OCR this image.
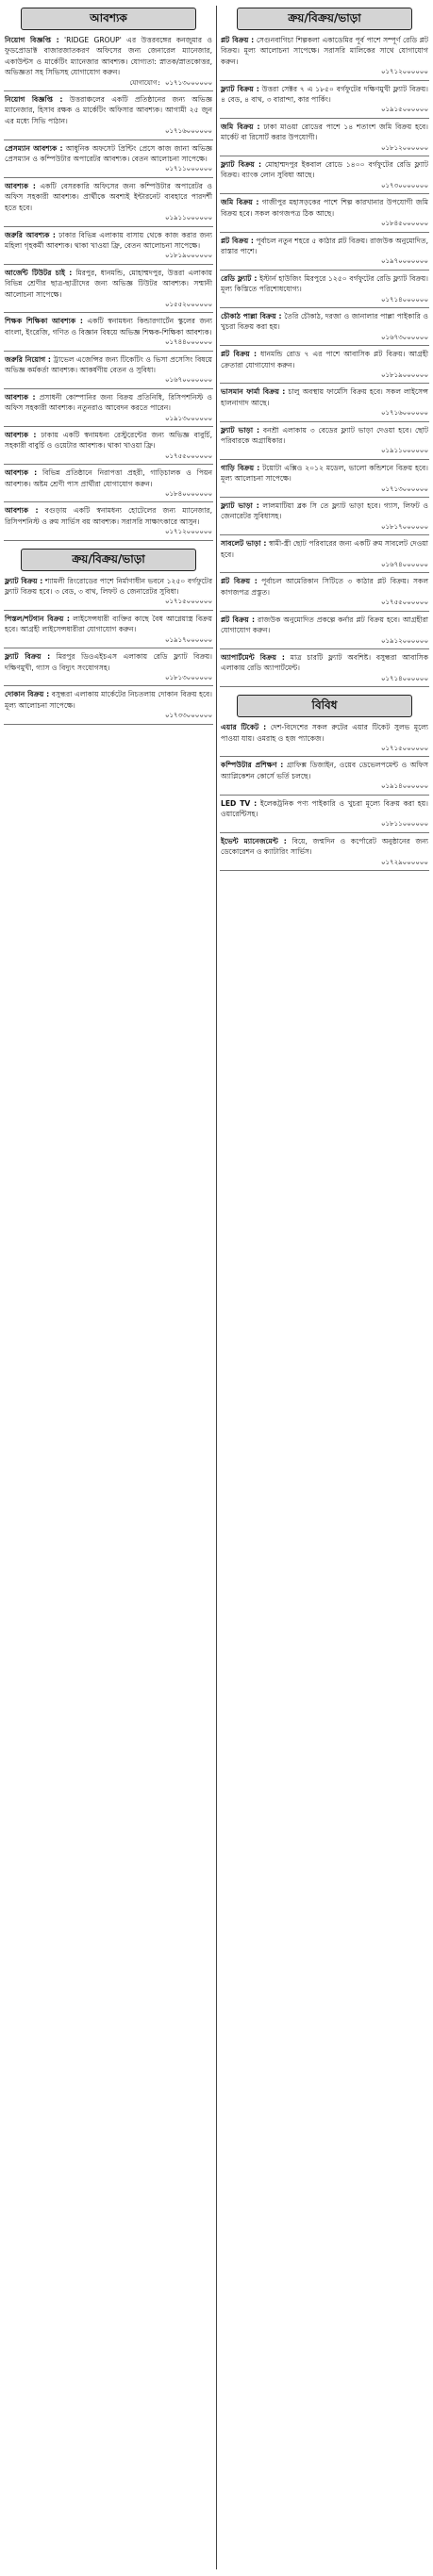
আবশ্যক
নিয়োগ বিজ্ঞপ্তি : 'RIDGE GROUP' এর উত্তরবঙ্গের কনজুমার ও ফুডপ্রোডাক্ট বাজারজাতকরণ অফিসের জন্য জেনারেল ম্যানেজার, একাউন্টস ও মার্কেটিং ম্যানেজার আবশ্যক। যোগ্যতা: স্নাতক/স্নাতকোত্তর, অভিজ্ঞতা সহ সিভিসহ যোগাযোগ করুন।
যোগাযোগ: ০১৭১৩০০০০০০
নিয়োগ বিজ্ঞপ্তি : উত্তরাঞ্চলের একটি প্রতিষ্ঠানের জন্য অভিজ্ঞ ম্যানেজার, হিসাব রক্ষক ও মার্কেটিং অফিসার আবশ্যক। আগামী ২৫ জুন এর মধ্যে সিভি পাঠান।
০১৭১৬০০০০০০
প্রেসম্যান আবশ্যক : আধুনিক অফসেট প্রিন্টিং প্রেসে কাজ জানা অভিজ্ঞ প্রেসম্যান ও কম্পিউটার অপারেটর আবশ্যক। বেতন আলোচনা সাপেক্ষে।
০১৭১১০০০০০০
আবশ্যক : একটি বেসরকারি অফিসের জন্য কম্পিউটার অপারেটর ও অফিস সহকারী আবশ্যক। প্রার্থীকে অবশ্যই ইন্টারনেট ব্যবহারে পারদর্শী হতে হবে।
০১৯১১০০০০০০
জরুরি আবশ্যক : ঢাকার বিভিন্ন এলাকায় বাসায় থেকে কাজ করার জন্য মহিলা গৃহকর্মী আবশ্যক। থাকা খাওয়া ফ্রি, বেতন আলোচনা সাপেক্ষে।
০১৮১৯০০০০০০
আর্জেন্ট টিউটর চাই : মিরপুর, ধানমন্ডি, মোহাম্মদপুর, উত্তরা এলাকায় বিভিন্ন শ্রেণীর ছাত্র-ছাত্রীদের জন্য অভিজ্ঞ টিউটর আবশ্যক। সম্মানী আলোচনা সাপেক্ষে।
০১৫৫২০০০০০০
শিক্ষক শিক্ষিকা আবশ্যক : একটি স্বনামধন্য কিন্ডারগার্টেন স্কুলের জন্য বাংলা, ইংরেজি, গণিত ও বিজ্ঞান বিষয়ে অভিজ্ঞ শিক্ষক-শিক্ষিকা আবশ্যক।
০১৭৪৪০০০০০০
জরুরি নিয়োগ : ট্রাভেল এজেন্সির জন্য টিকেটিং ও ভিসা প্রসেসিং বিষয়ে অভিজ্ঞ কর্মকর্তা আবশ্যক। আকর্ষণীয় বেতন ও সুবিধা।
০১৬৭০০০০০০০
আবশ্যক : প্রসাধনী কোম্পানির জন্য বিক্রয় প্রতিনিধি, রিসিপশনিস্ট ও অফিস সহকারী আবশ্যক। নতুনরাও আবেদন করতে পারেন।
০১৯১৩০০০০০০
আবশ্যক : ঢাকায় একটি স্বনামধন্য রেস্টুরেন্টের জন্য অভিজ্ঞ বাবুর্চি, সহকারী বাবুর্চি ও ওয়েটার আবশ্যক। থাকা খাওয়া ফ্রি।
০১৭৫৫০০০০০০
আবশ্যক : বিভিন্ন প্রতিষ্ঠানে নিরাপত্তা প্রহরী, গাড়িচালক ও পিয়ন আবশ্যক। অষ্টম শ্রেণী পাস প্রার্থীরা যোগাযোগ করুন।
০১৮৪০০০০০০০
আবশ্যক : বগুড়ায় একটি স্বনামধন্য হোটেলের জন্য ম্যানেজার, রিসিপশনিস্ট ও রুম সার্ভিস বয় আবশ্যক। সরাসরি সাক্ষাৎকারে আসুন।
০১৭১২০০০০০০
ক্রয়/বিক্রয়/ভাড়া
ফ্ল্যাট বিক্রয় : শ্যামলী রিংরোডের পাশে নির্মাণাধীন ভবনে ১২৫০ বর্গফুটের ফ্ল্যাট বিক্রয় হবে। ৩ বেড, ৩ বাথ, লিফট ও জেনারেটর সুবিধা।
০১৭১৫০০০০০০
পিস্তল/শটগান বিক্রয় : লাইসেন্সধারী ব্যক্তির কাছে বৈধ আগ্নেয়াস্ত্র বিক্রয় হবে। আগ্রহী লাইসেন্সধারীরা যোগাযোগ করুন।
০১৯১৭০০০০০০
ফ্ল্যাট বিক্রয় : মিরপুর ডিওএইচএস এলাকায় রেডি ফ্ল্যাট বিক্রয়। দক্ষিণমুখী, গ্যাস ও বিদ্যুৎ সংযোগসহ।
০১৮১৩০০০০০০
দোকান বিক্রয় : বসুন্ধরা এলাকায় মার্কেটের নিচতলায় দোকান বিক্রয় হবে। মূল্য আলোচনা সাপেক্ষে।
০১৭৩৩০০০০০০
ক্রয়/বিক্রয়/ভাড়া
প্লট বিক্রয় : সেগুনবাগিচা শিল্পকলা একাডেমির পূর্ব পাশে সম্পূর্ণ রেডি প্লট বিক্রয়। মূল্য আলোচনা সাপেক্ষে। সরাসরি মালিকের সাথে যোগাযোগ করুন।
০১৭১২০০০০০০
ফ্ল্যাট বিক্রয় : উত্তরা সেক্টর ৭ এ ১৮৫০ বর্গফুটের দক্ষিণমুখী ফ্ল্যাট বিক্রয়। ৪ বেড, ৪ বাথ, ৩ বারান্দা, কার পার্কিং।
০১৯১৫০০০০০০
জমি বিক্রয় : ঢাকা মাওয়া রোডের পাশে ১৪ শতাংশ জমি বিক্রয় হবে। মার্কেট বা রিসোর্ট করার উপযোগী।
০১৮১২০০০০০০
ফ্ল্যাট বিক্রয় : মোহাম্মদপুর ইকবাল রোডে ১৪০০ বর্গফুটের রেডি ফ্ল্যাট বিক্রয়। ব্যাংক লোন সুবিধা আছে।
০১৭৩০০০০০০০
জমি বিক্রয় : গাজীপুর মহাসড়কের পাশে শিল্প কারখানার উপযোগী জমি বিক্রয় হবে। সকল কাগজপত্র ঠিক আছে।
০১৮৪৫০০০০০০
প্লট বিক্রয় : পূর্বাচল নতুন শহরে ৫ কাঠার প্লট বিক্রয়। রাজউক অনুমোদিত, রাস্তার পাশে।
০১৯৭০০০০০০০
রেডি ফ্ল্যাট : ইস্টার্ন হাউজিং মিরপুরে ১২৫০ বর্গফুটের রেডি ফ্ল্যাট বিক্রয়। মূল্য কিস্তিতে পরিশোধযোগ্য।
০১৭১৪০০০০০০
চৌকাঠ পাল্লা বিক্রয় : তৈরি চৌকাঠ, দরজা ও জানালার পাল্লা পাইকারি ও খুচরা বিক্রয় করা হয়।
০১৬৭৩০০০০০০
প্লট বিক্রয় : ধানমন্ডি রোড ৭ এর পাশে আবাসিক প্লট বিক্রয়। আগ্রহী ক্রেতারা যোগাযোগ করুন।
০১৮১৯০০০০০০
ভাসমান ফার্মা বিক্রয় : চালু অবস্থায় ফার্মেসি বিক্রয় হবে। সকল লাইসেন্স হালনাগাদ আছে।
০১৭১৬০০০০০০
ফ্ল্যাট ভাড়া : বনশ্রী এলাকায় ৩ বেডের ফ্ল্যাট ভাড়া দেওয়া হবে। ছোট পরিবারকে অগ্রাধিকার।
০১৯১১০০০০০০
গাড়ি বিক্রয় : টয়োটা এক্সিও ২০১২ মডেল, ভালো কন্ডিশনে বিক্রয় হবে। মূল্য আলোচনা সাপেক্ষে।
০১৭১৩০০০০০০
ফ্ল্যাট ভাড়া : লালমাটিয়া ব্লক সি তে ফ্ল্যাট ভাড়া হবে। গ্যাস, লিফট ও জেনারেটর সুবিধাসহ।
০১৮১৭০০০০০০
সাবলেট ভাড়া : স্বামী-স্ত্রী ছোট পরিবারের জন্য একটি রুম সাবলেট দেওয়া হবে।
০১৬৭৪০০০০০০
প্লট বিক্রয় : পূর্বাচল আমেরিকান সিটিতে ৩ কাঠার প্লট বিক্রয়। সকল কাগজপত্র প্রস্তুত।
০১৭৫৫০০০০০০
প্লট বিক্রয় : রাজউক অনুমোদিত প্রকল্পে কর্নার প্লট বিক্রয় হবে। আগ্রহীরা যোগাযোগ করুন।
০১৯১২০০০০০০
অ্যাপার্টমেন্ট বিক্রয় : মাত্র চারটি ফ্ল্যাট অবশিষ্ট। বসুন্ধরা আবাসিক এলাকায় রেডি অ্যাপার্টমেন্ট।
০১৭১৪০০০০০০
বিবিধ
এয়ার টিকেট : দেশ-বিদেশের সকল রুটের এয়ার টিকেট সুলভ মূল্যে পাওয়া যায়। ওমরাহ ও হজ প্যাকেজ।
০১৭১৫০০০০০০
কম্পিউটার প্রশিক্ষণ : গ্রাফিক্স ডিজাইন, ওয়েব ডেভেলপমেন্ট ও অফিস অ্যাপ্লিকেশন কোর্সে ভর্তি চলছে।
০১৯১৪০০০০০০
LED TV : ইলেকট্রনিক পণ্য পাইকারি ও খুচরা মূল্যে বিক্রয় করা হয়। ওয়ারেন্টিসহ।
০১৮১১০০০০০০
ইভেন্ট ম্যানেজমেন্ট : বিয়ে, জন্মদিন ও কর্পোরেট অনুষ্ঠানের জন্য ডেকোরেশন ও ক্যাটারিং সার্ভিস।
০১৭২৯০০০০০০
